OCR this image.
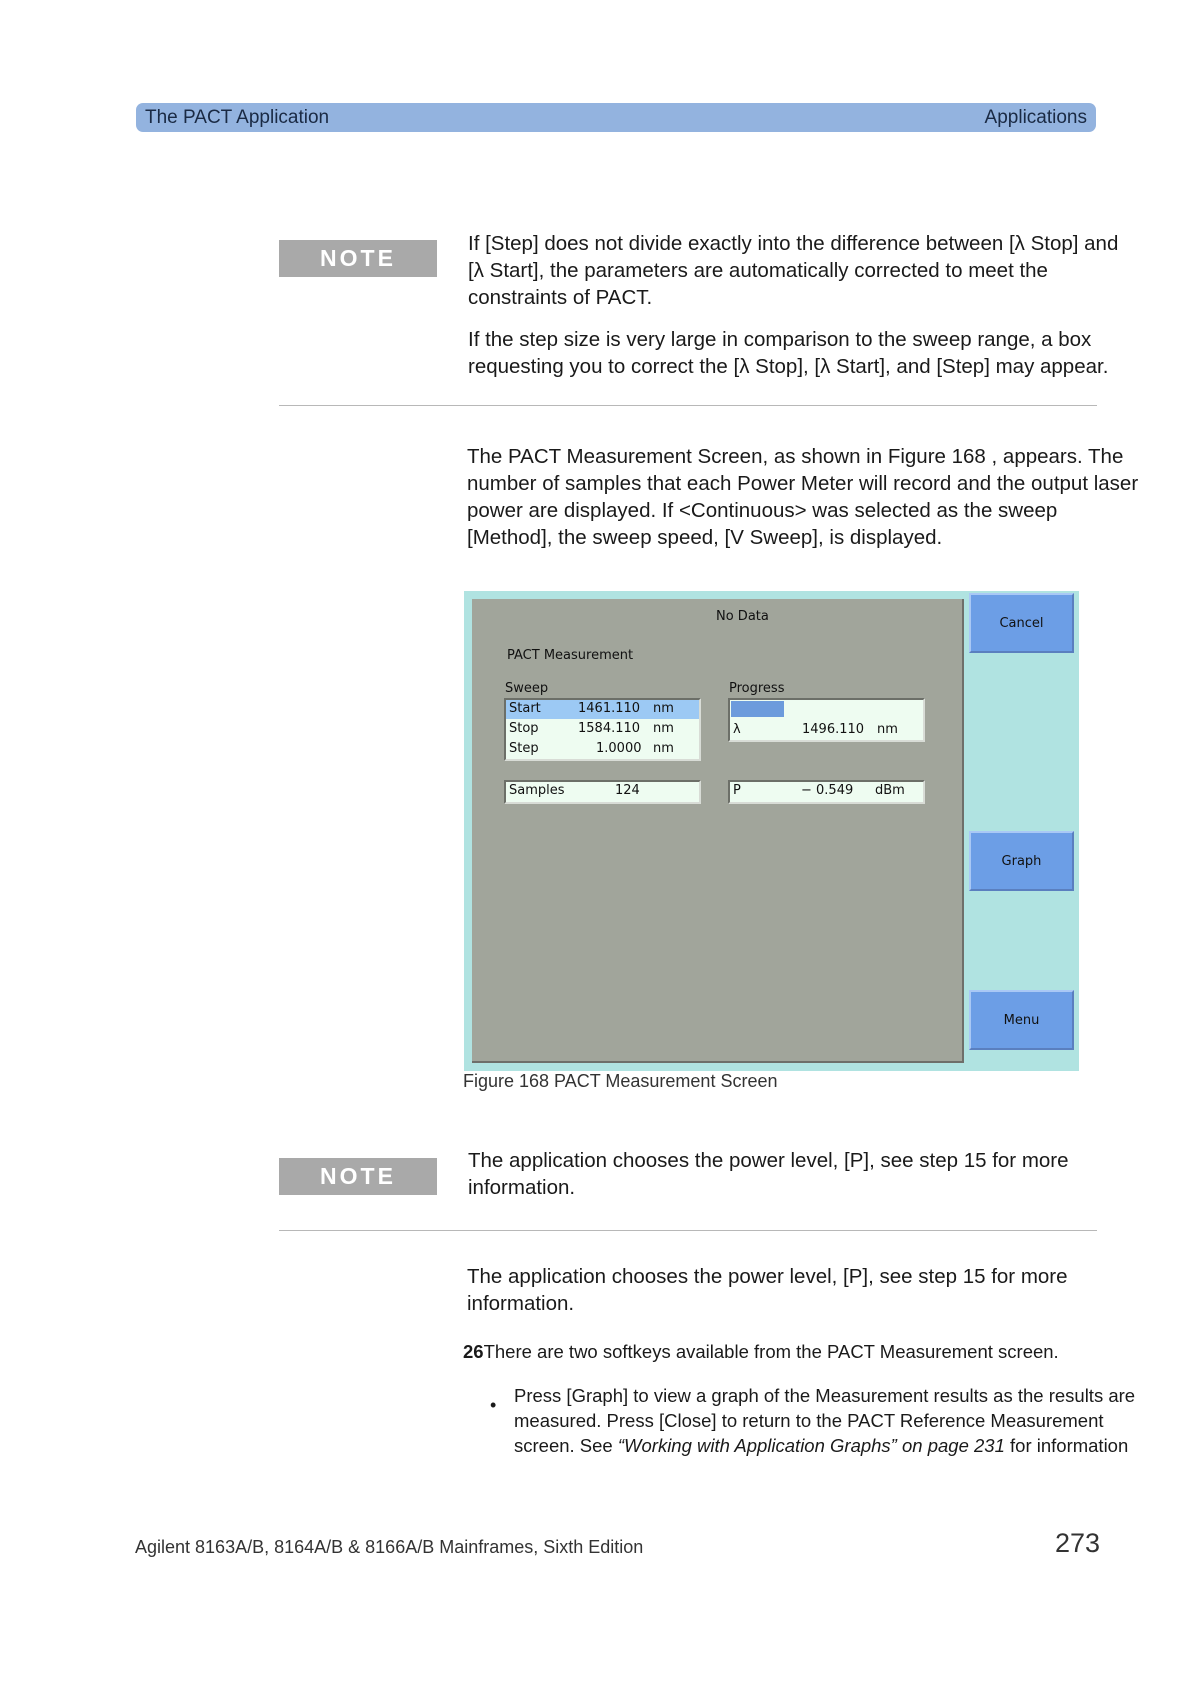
The PACT Application	Applications
NOTE
If [Step] does not divide exactly into the difference between [λ Stop] and
[λ Start], the parameters are automatically corrected to meet the
constraints of PACT.
If the step size is very large in comparison to the sweep range, a box
requesting you to correct the [λ Stop], [λ Start], and [Step] may appear.
The PACT Measurement Screen, as shown in Figure 168 , appears. The
number of samples that each Power Meter will record and the output laser
power are displayed. If <Continuous> was selected as the sweep
[Method], the sweep speed, [V Sweep], is displayed.
No Data
PACT Measurement
Sweep
Start	1461.110 nm
Stop	1584.110 nm
Step	1.0000 nm
Progress
λ	1496.110 nm
Samples	124	P	− 0.549 dBm
Cancel
Graph
Menu
Figure 168 PACT Measurement Screen
NOTE
The application chooses the power level, [P], see step 15 for more
information.
The application chooses the power level, [P], see step 15 for more
information.
26There are two softkeys available from the PACT Measurement screen.
• Press [Graph] to view a graph of the Measurement results as the results are
measured. Press [Close] to return to the PACT Reference Measurement
screen. See “Working with Application Graphs” on page 231 for information
Agilent 8163A/B, 8164A/B & 8166A/B Mainframes, Sixth Edition	273
